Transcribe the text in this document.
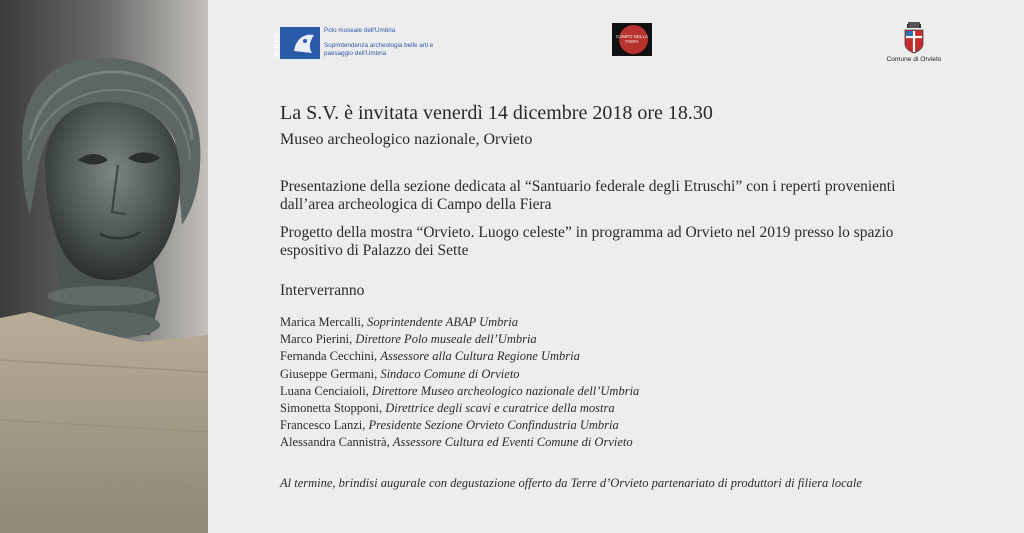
MiBAC
Polo museale dell'Umbria
Soprintendenza archeologia belle arti e
paesaggio dell'Umbria
CAMPO DELLA FIERA
Comune di Orvieto
La S.V. è invitata venerdì 14 dicembre 2018 ore 18.30
Museo archeologico nazionale, Orvieto
Presentazione della sezione dedicata al “Santuario federale degli Etruschi” con i reperti provenienti
dall’area archeologica di Campo della Fiera
Progetto della mostra “Orvieto. Luogo celeste” in programma ad Orvieto nel 2019 presso lo spazio
espositivo di Palazzo dei Sette
Interverranno
Marica Mercalli, Soprintendente ABAP Umbria
Marco Pierini, Direttore Polo museale dell’Umbria
Fernanda Cecchini, Assessore alla Cultura Regione Umbria
Giuseppe Germani, Sindaco Comune di Orvieto
Luana Cenciaioli, Direttore Museo archeologico nazionale dell’Umbria
Simonetta Stopponi, Direttrice degli scavi e curatrice della mostra
Francesco Lanzi, Presidente Sezione Orvieto Confindustria Umbria
Alessandra Cannistrà, Assessore Cultura ed Eventi Comune di Orvieto
Al termine, brindisi augurale con degustazione offerto da Terre d’Orvieto partenariato di produttori di filiera locale
